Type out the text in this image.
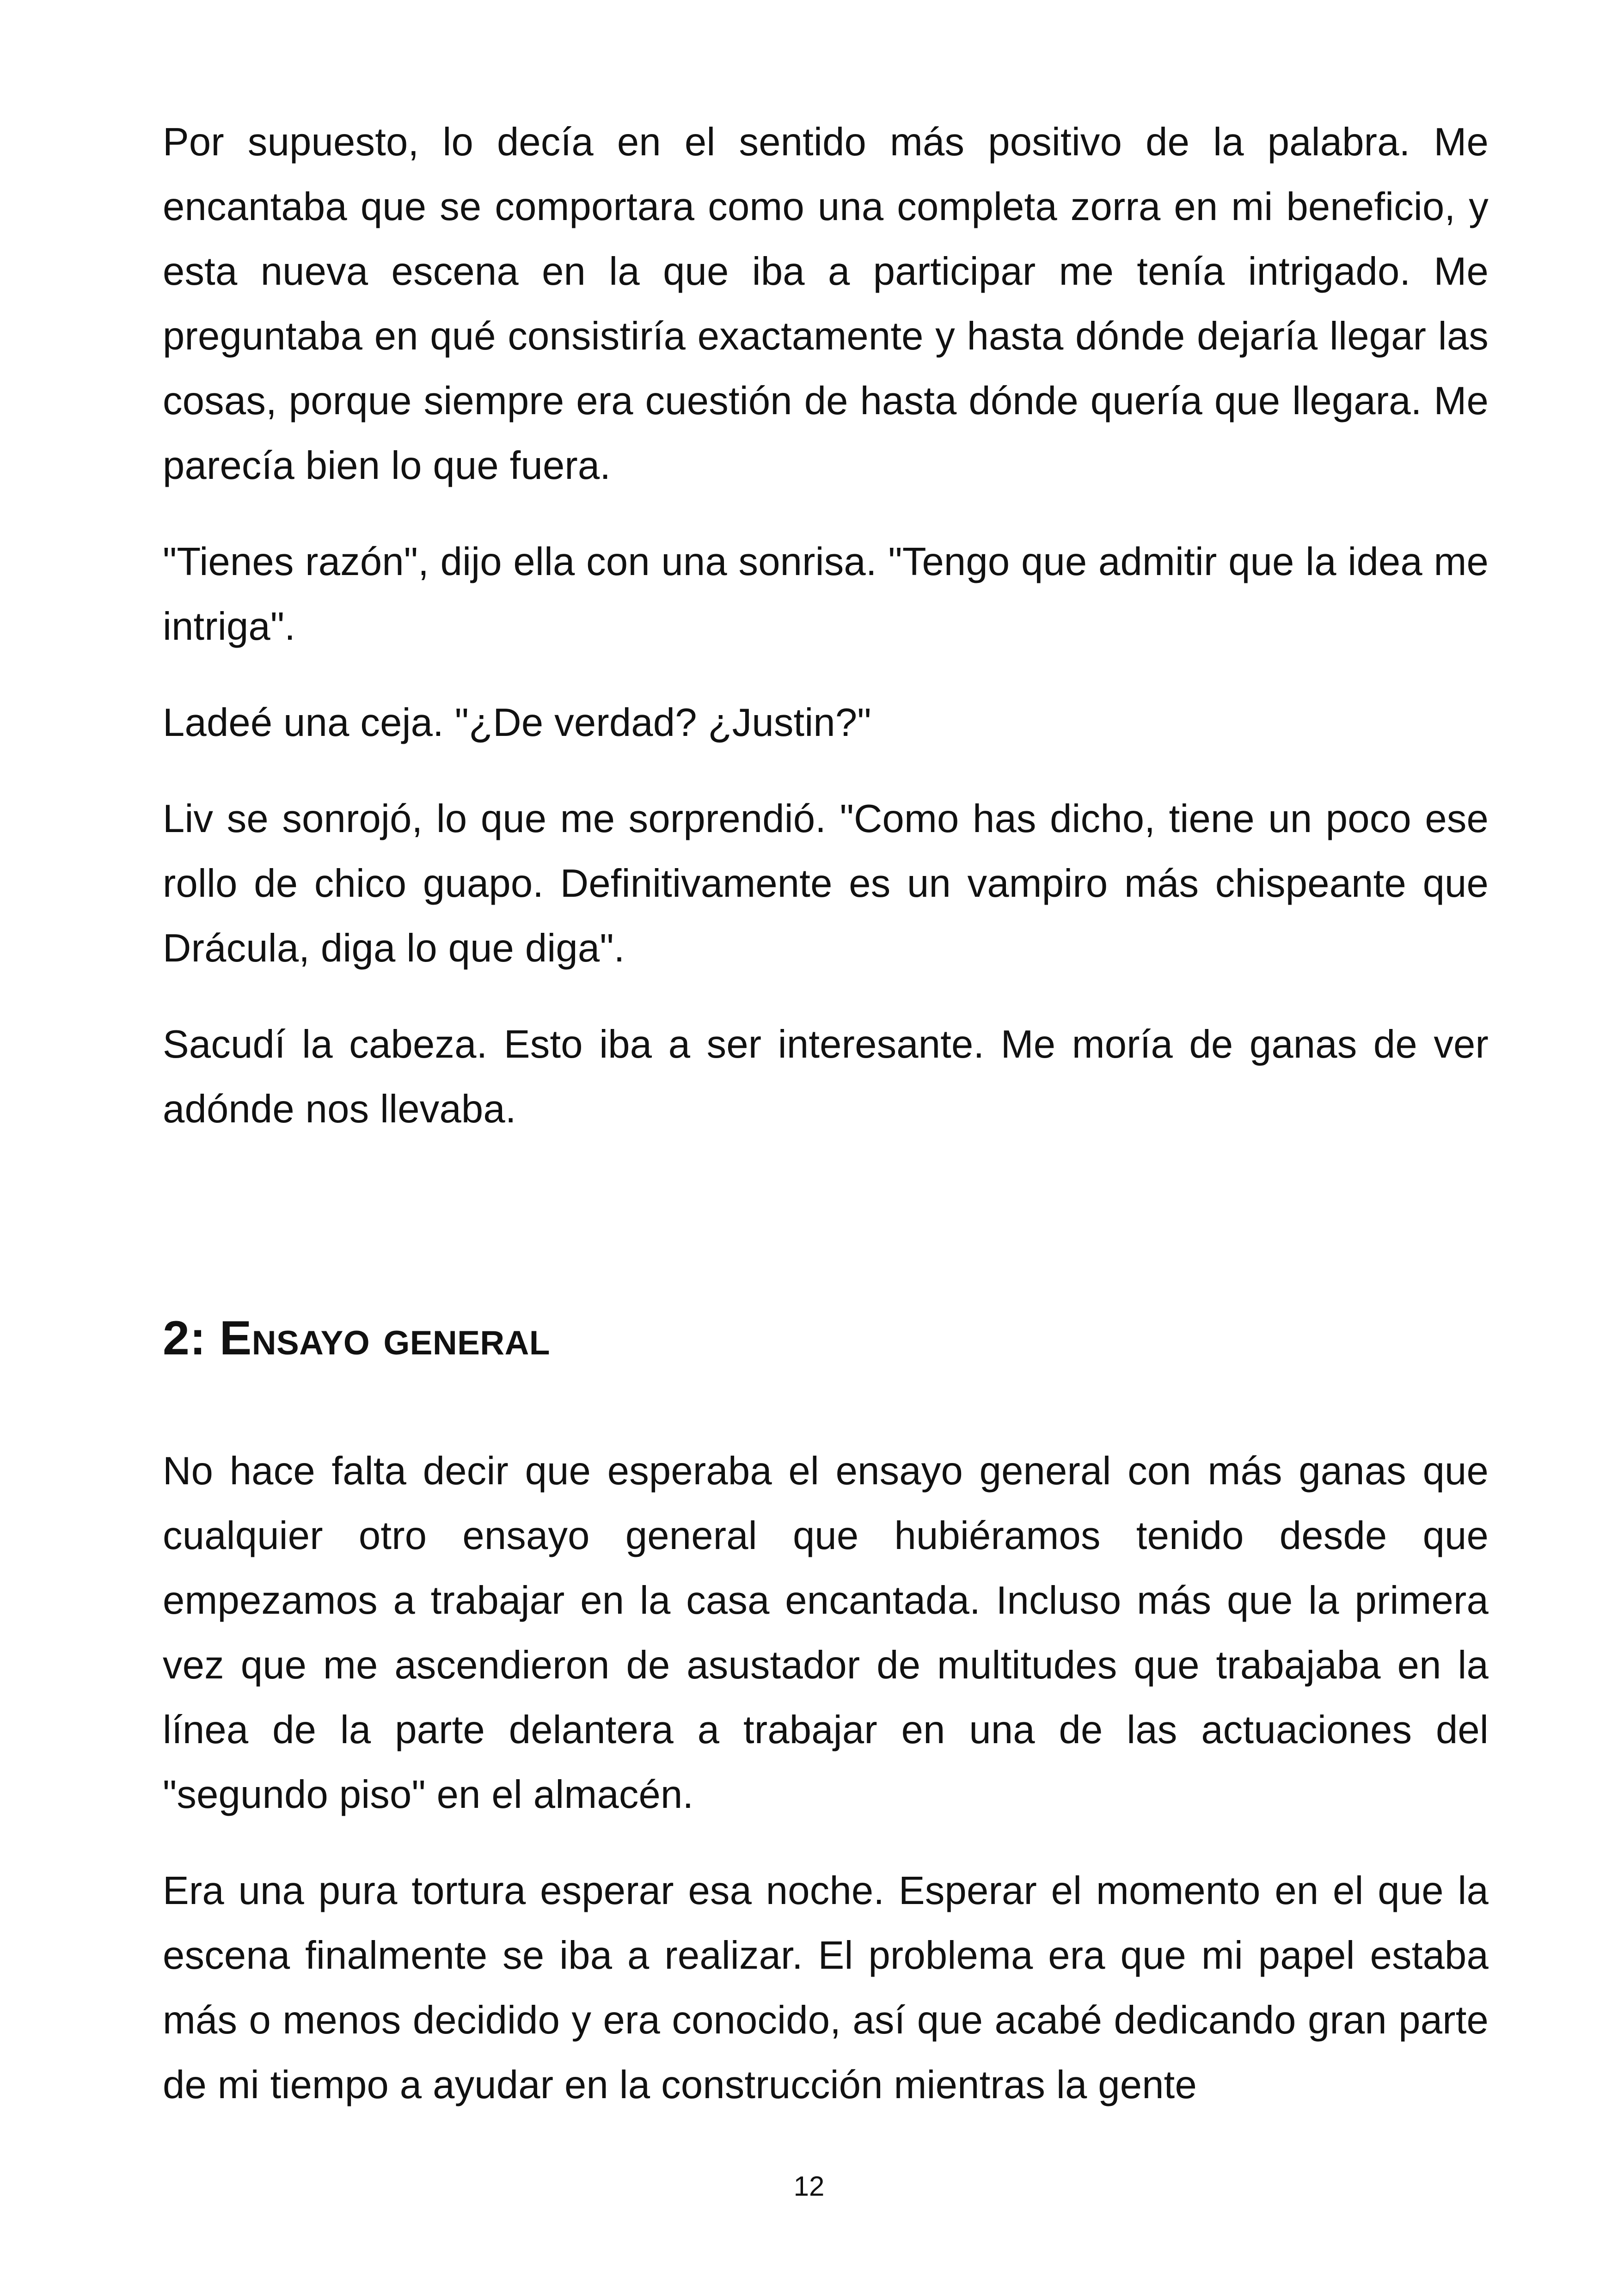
Por supuesto, lo decía en el sentido más positivo de la palabra. Me encantaba que se comportara como una completa zorra en mi beneficio, y esta nueva escena en la que iba a participar me tenía intrigado. Me preguntaba en qué consistiría exactamente y hasta dónde dejaría llegar las cosas, porque siempre era cuestión de hasta dónde quería que llegara. Me parecía bien lo que fuera.

"Tienes razón", dijo ella con una sonrisa. "Tengo que admitir que la idea me intriga".

Ladeé una ceja. "¿De verdad? ¿Justin?"

Liv se sonrojó, lo que me sorprendió. "Como has dicho, tiene un poco ese rollo de chico guapo. Definitivamente es un vampiro más chispeante que Drácula, diga lo que diga".

Sacudí la cabeza. Esto iba a ser interesante. Me moría de ganas de ver adónde nos llevaba.

2: Ensayo general

No hace falta decir que esperaba el ensayo general con más ganas que cualquier otro ensayo general que hubiéramos tenido desde que empezamos a trabajar en la casa encantada. Incluso más que la primera vez que me ascendieron de asustador de multitudes que trabajaba en la línea de la parte delantera a trabajar en una de las actuaciones del "segundo piso" en el almacén.

Era una pura tortura esperar esa noche. Esperar el momento en el que la escena finalmente se iba a realizar. El problema era que mi papel estaba más o menos decidido y era conocido, así que acabé dedicando gran parte de mi tiempo a ayudar en la construcción mientras la gente

12
